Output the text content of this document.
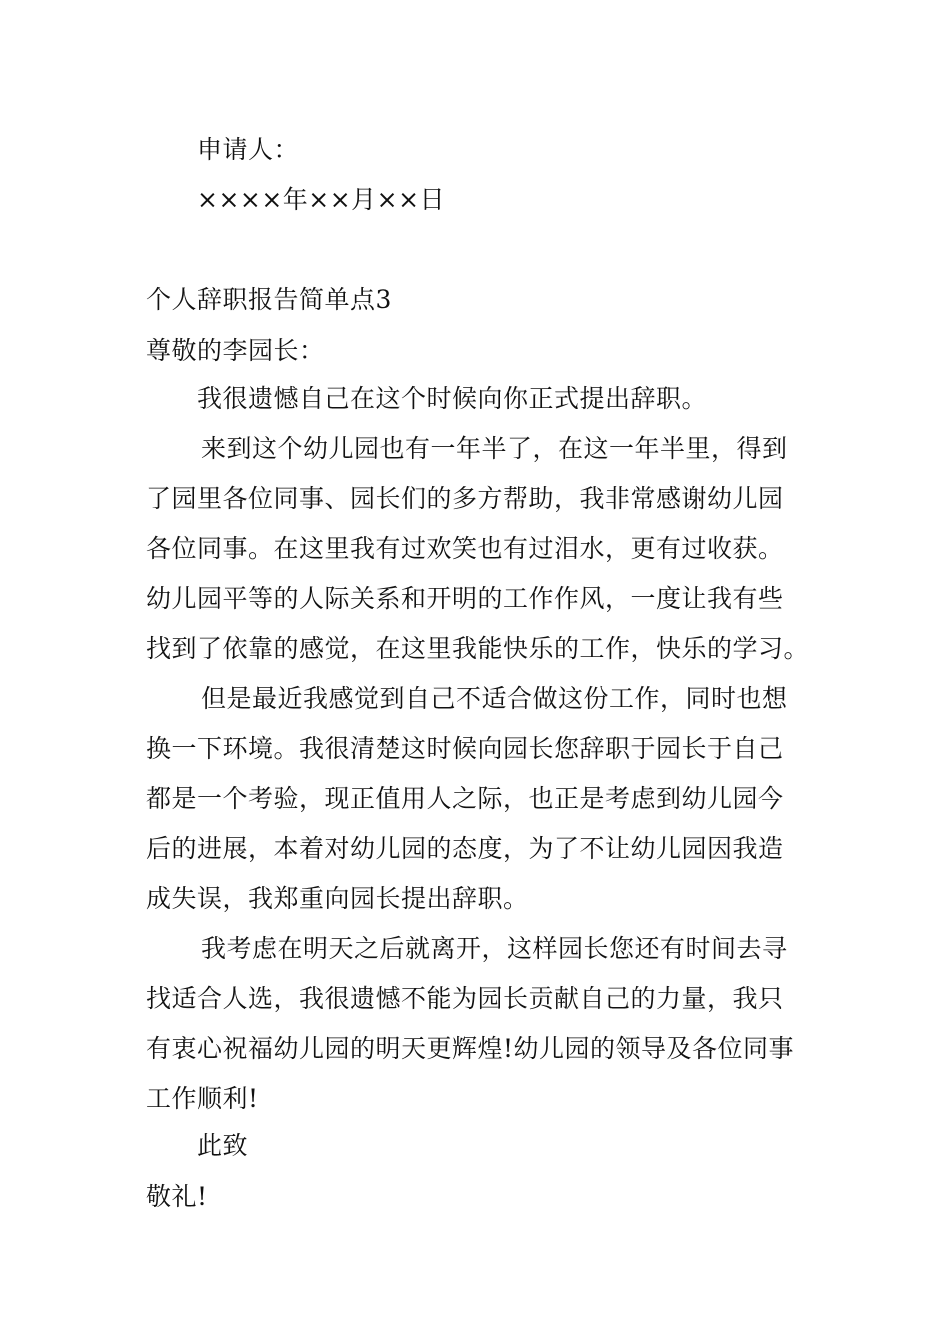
申请人：
××××年××月××日
个人辞职报告简单点3
尊敬的李园长：
我很遗憾自己在这个时候向你正式提出辞职。
来到这个幼儿园也有一年半了，在这一年半里，得到
了园里各位同事、园长们的多方帮助，我非常感谢幼儿园
各位同事。在这里我有过欢笑也有过泪水，更有过收获。
幼儿园平等的人际关系和开明的工作作风，一度让我有些
找到了依靠的感觉，在这里我能快乐的工作，快乐的学习。
但是最近我感觉到自己不适合做这份工作，同时也想
换一下环境。我很清楚这时候向园长您辞职于园长于自己
都是一个考验，现正值用人之际，也正是考虑到幼儿园今
后的进展，本着对幼儿园的态度，为了不让幼儿园因我造
成失误，我郑重向园长提出辞职。
我考虑在明天之后就离开，这样园长您还有时间去寻
找适合人选，我很遗憾不能为园长贡献自己的力量，我只
有衷心祝福幼儿园的明天更辉煌!幼儿园的领导及各位同事
工作顺利!
此致
敬礼!
